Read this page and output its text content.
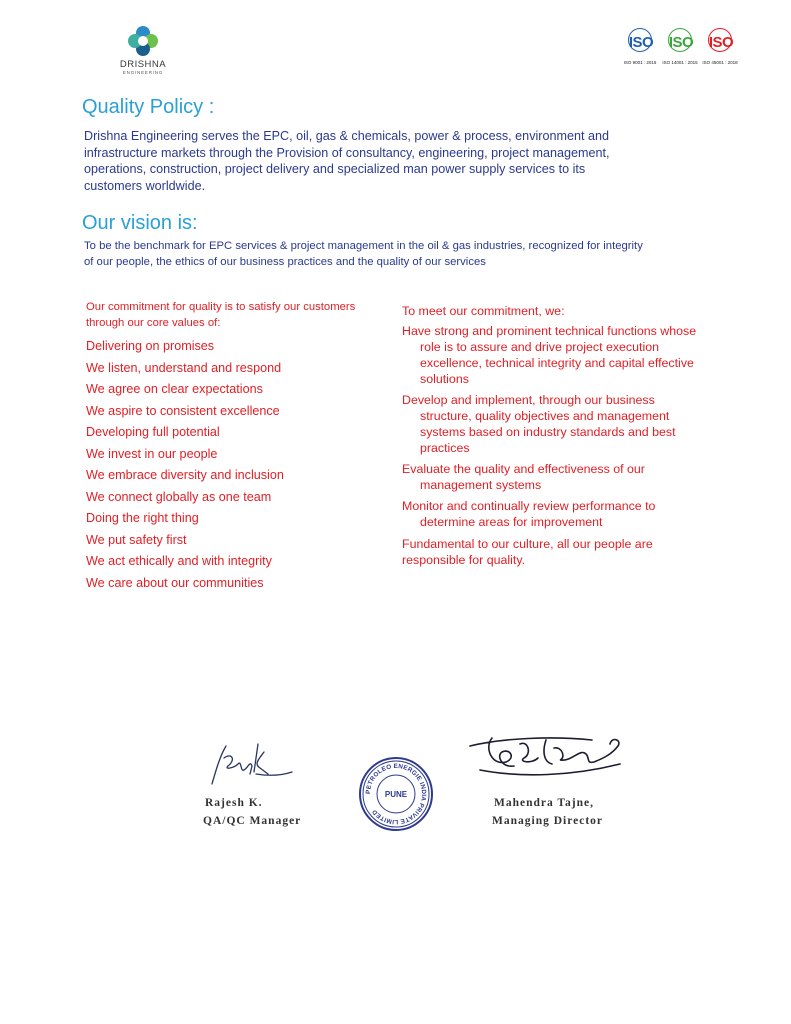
DRISHNA
ENGINEERING
ISO	ISO	ISO
ISO 9001 : 2015	ISO 14001 : 2015	ISO 45001 : 2018
Quality Policy :
Drishna Engineering serves the EPC, oil, gas & chemicals, power & process, environment and infrastructure markets through the Provision of consultancy, engineering, project management, operations, construction, project delivery and specialized man power supply services to its customers worldwide.
Our vision is:
To be the benchmark for EPC services & project management in the oil & gas industries, recognized for integrity of our people, the ethics of our business practices and the quality of our services
Our commitment for quality is to satisfy our customers through our core values of:
Delivering on promises
We listen, understand and respond
We agree on clear expectations
We aspire to consistent excellence
Developing full potential
We invest in our people
We embrace diversity and inclusion
We connect globally as one team
Doing the right thing
We put safety first
We act ethically and with integrity
We care about our communities
To meet our commitment, we:
Have strong and prominent technical functions whose role is to assure and drive project execution excellence, technical integrity and capital effective solutions
Develop and implement, through our business structure, quality objectives and management systems based on industry standards and best practices
Evaluate the quality and effectiveness of our management systems
Monitor and continually review performance to determine areas for improvement
Fundamental to our culture, all our people are responsible for quality.
PETROLEO ENERGIE INDIA PRIVATE LIMITED
PUNE
Rajesh K.
QA/QC Manager
Mahendra Tajne,
Managing Director
